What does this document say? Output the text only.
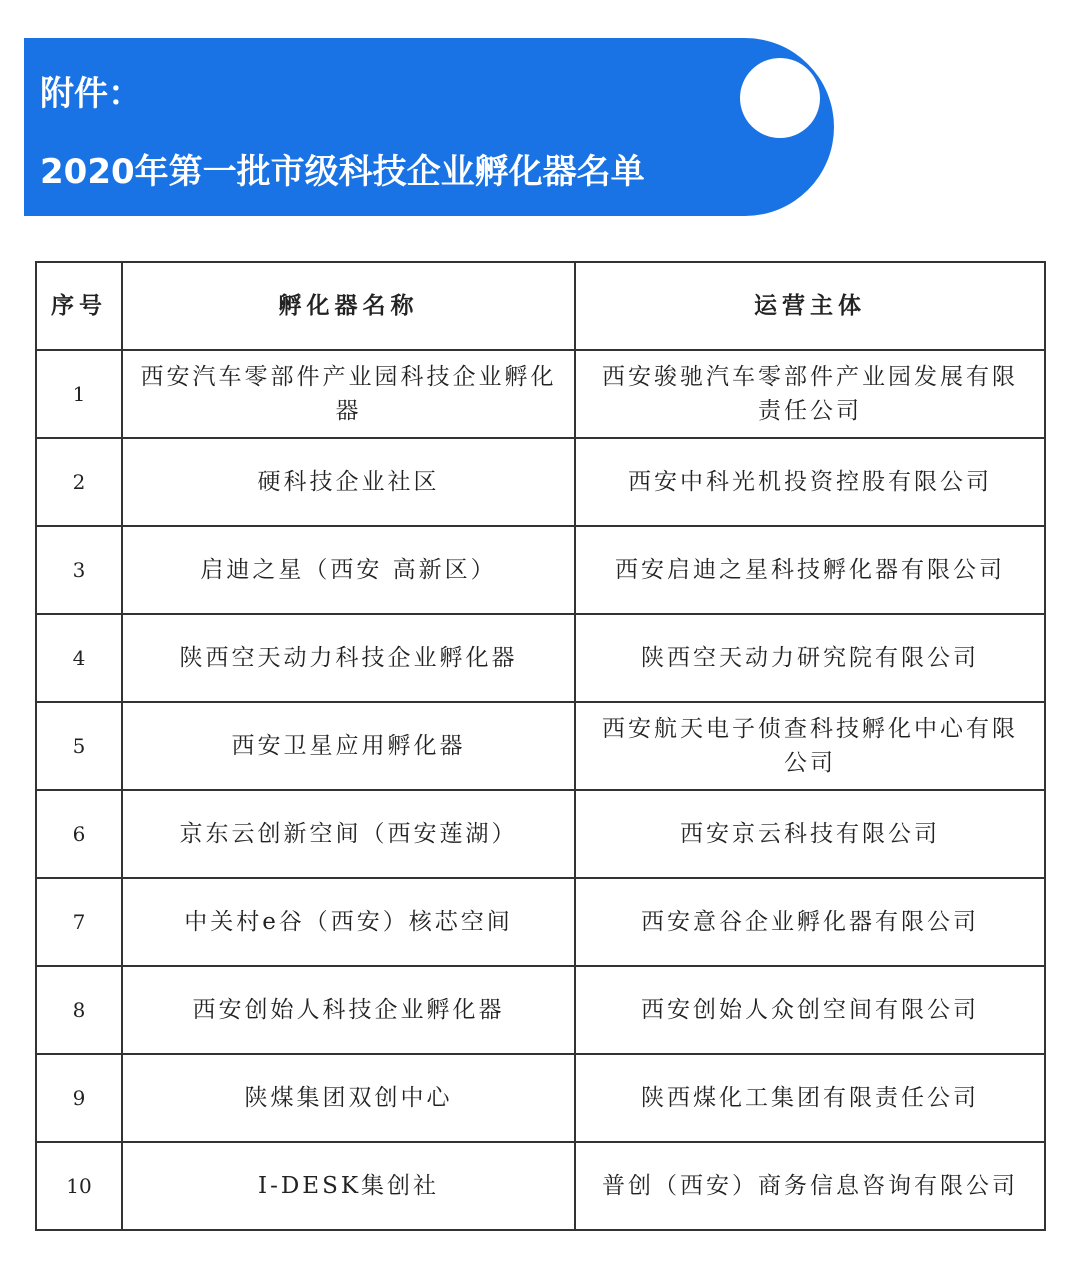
附件：
2020年第一批市级科技企业孵化器名单
序号	孵化器名称	运营主体
1	西安汽车零部件产业园科技企业孵化器	西安骏驰汽车零部件产业园发展有限责任公司
2	硬科技企业社区	西安中科光机投资控股有限公司
3	启迪之星（西安 高新区）	西安启迪之星科技孵化器有限公司
4	陕西空天动力科技企业孵化器	陕西空天动力研究院有限公司
5	西安卫星应用孵化器	西安航天电子侦查科技孵化中心有限公司
6	京东云创新空间（西安莲湖）	西安京云科技有限公司
7	中关村e谷（西安）核芯空间	西安意谷企业孵化器有限公司
8	西安创始人科技企业孵化器	西安创始人众创空间有限公司
9	陕煤集团双创中心	陕西煤化工集团有限责任公司
10	I-DESK集创社	普创（西安）商务信息咨询有限公司
